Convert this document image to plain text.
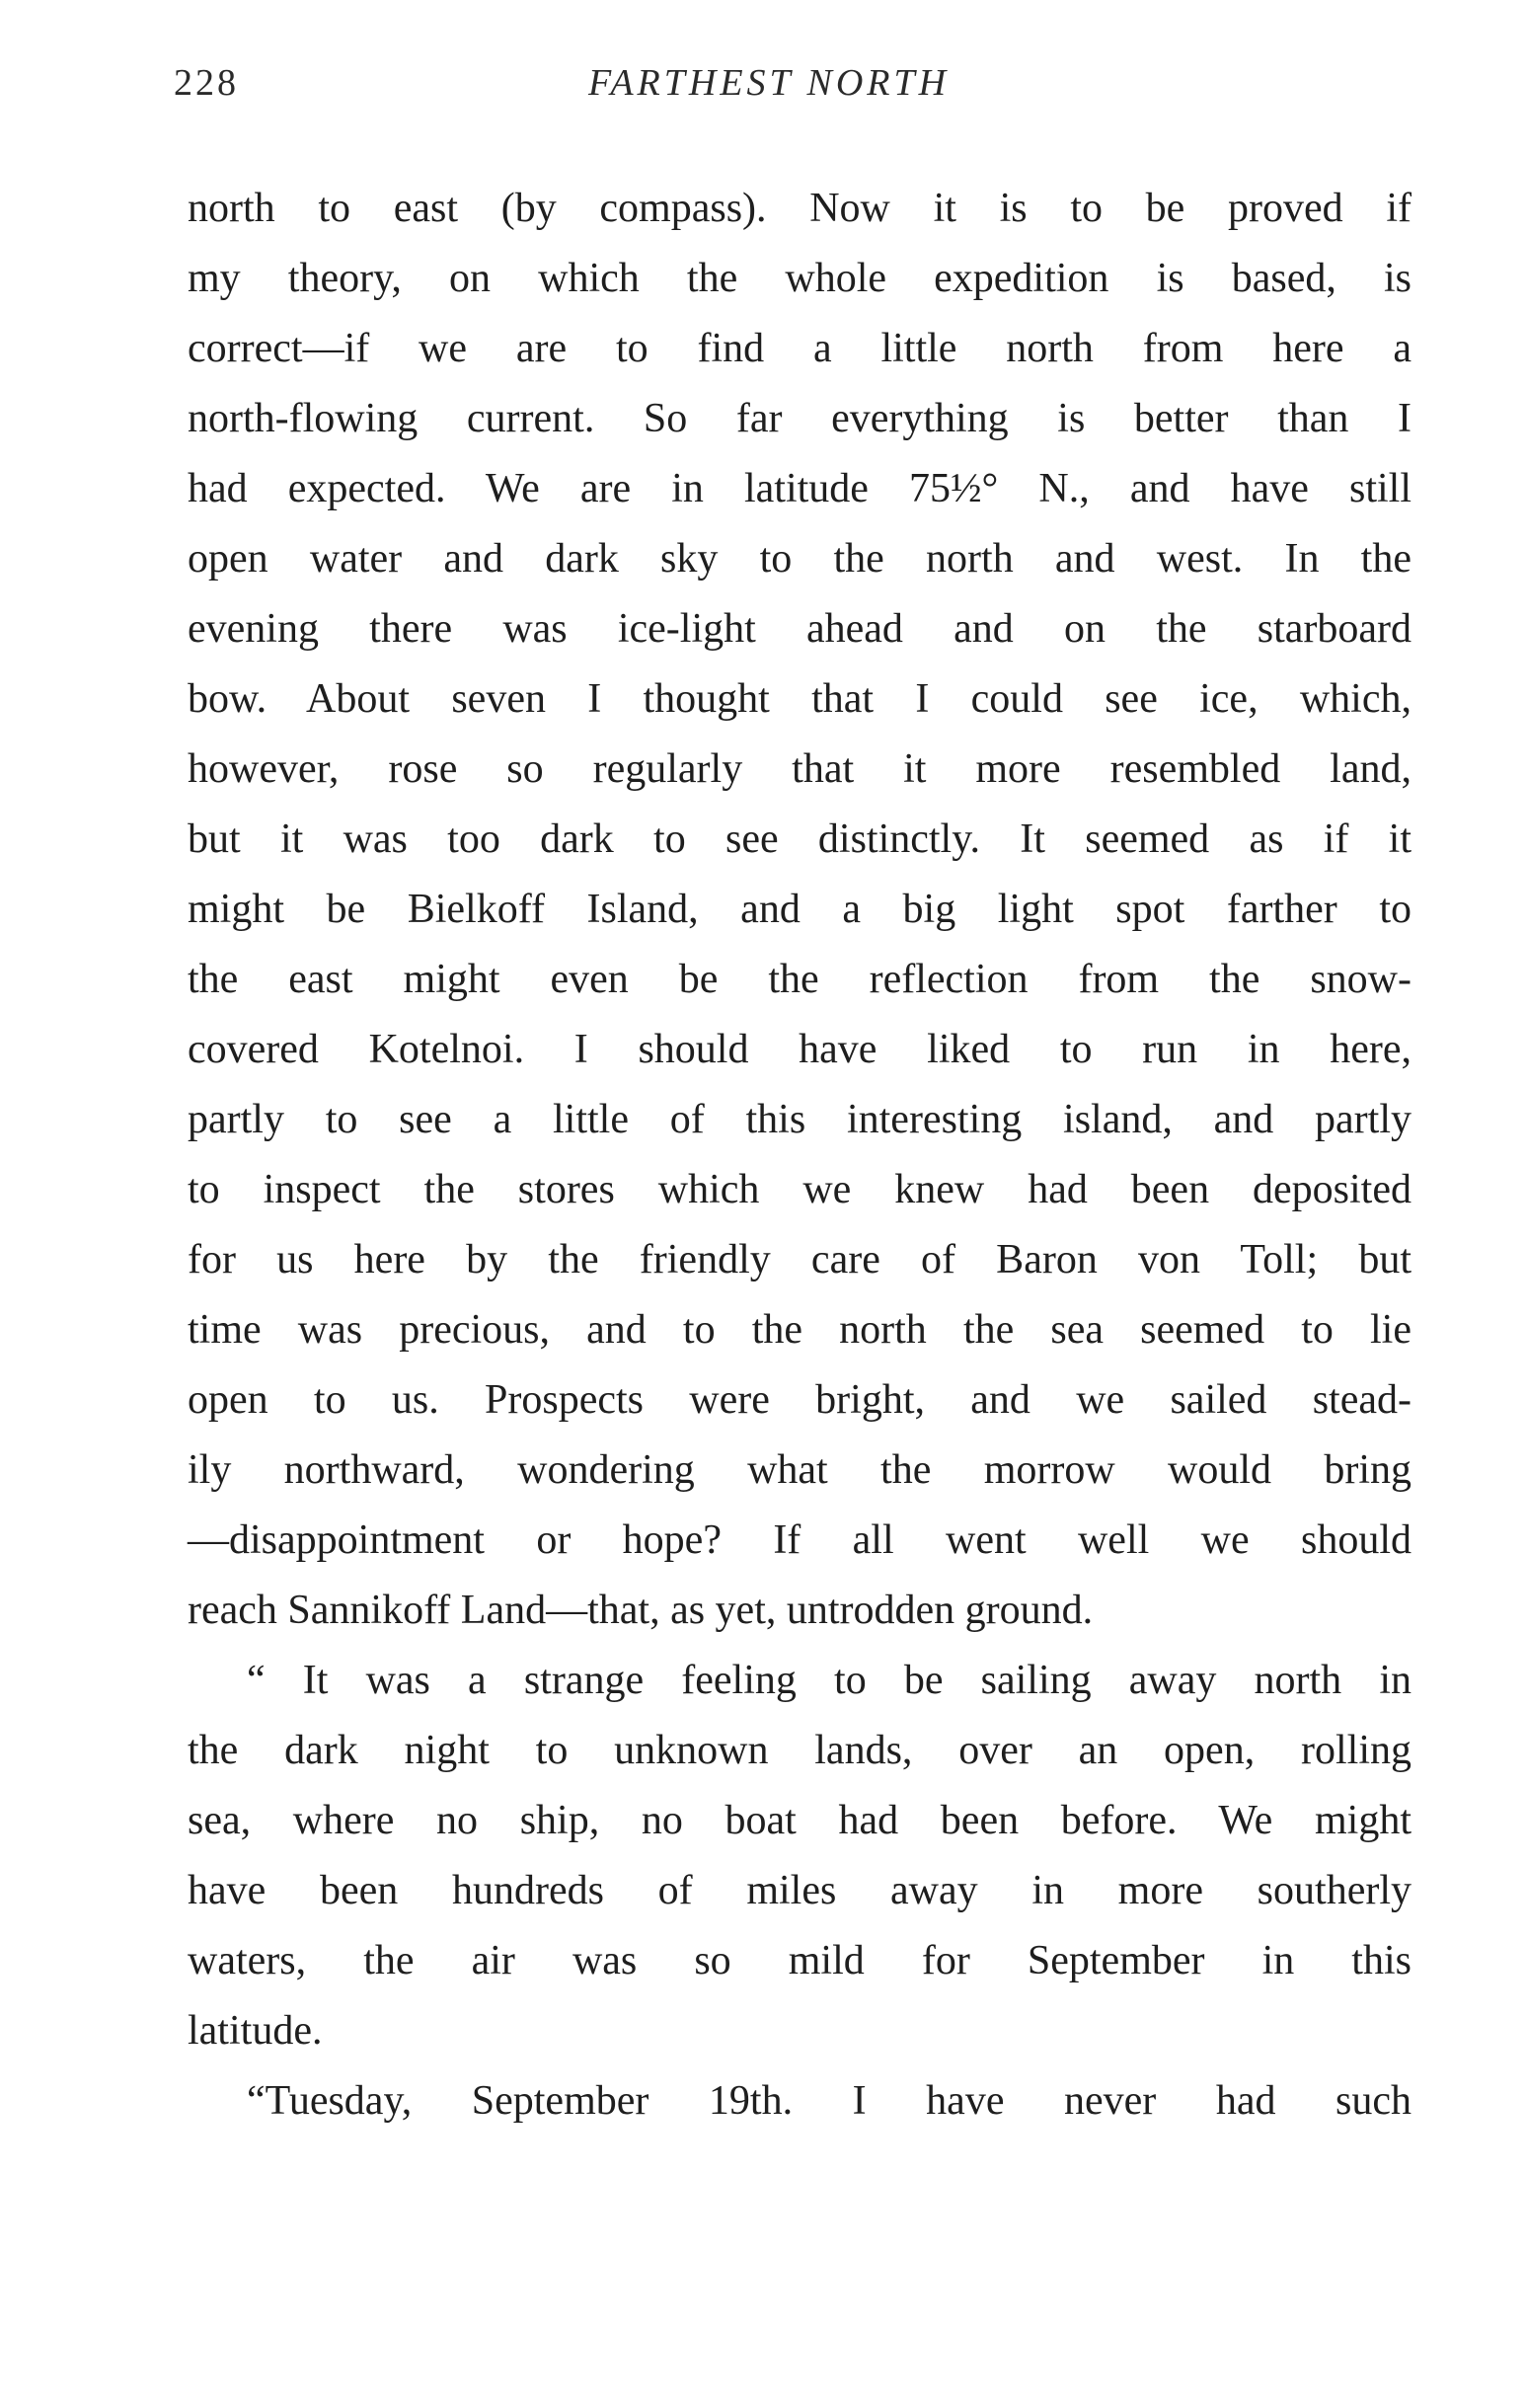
228	FARTHEST NORTH
north to east (by compass). Now it is to be proved if
my theory, on which the whole expedition is based, is
correct—if we are to find a little north from here a
north-flowing current. So far everything is better than I
had expected. We are in latitude 75½° N., and have still
open water and dark sky to the north and west. In the
evening there was ice-light ahead and on the starboard
bow. About seven I thought that I could see ice, which,
however, rose so regularly that it more resembled land,
but it was too dark to see distinctly. It seemed as if it
might be Bielkoff Island, and a big light spot farther to
the east might even be the reflection from the snow-
covered Kotelnoi. I should have liked to run in here,
partly to see a little of this interesting island, and partly
to inspect the stores which we knew had been deposited
for us here by the friendly care of Baron von Toll; but
time was precious, and to the north the sea seemed to lie
open to us. Prospects were bright, and we sailed stead-
ily northward, wondering what the morrow would bring
—disappointment or hope? If all went well we should
reach Sannikoff Land—that, as yet, untrodden ground.
“ It was a strange feeling to be sailing away north in
the dark night to unknown lands, over an open, rolling
sea, where no ship, no boat had been before. We might
have been hundreds of miles away in more southerly
waters, the air was so mild for September in this
latitude.
“Tuesday, September 19th. I have never had such
